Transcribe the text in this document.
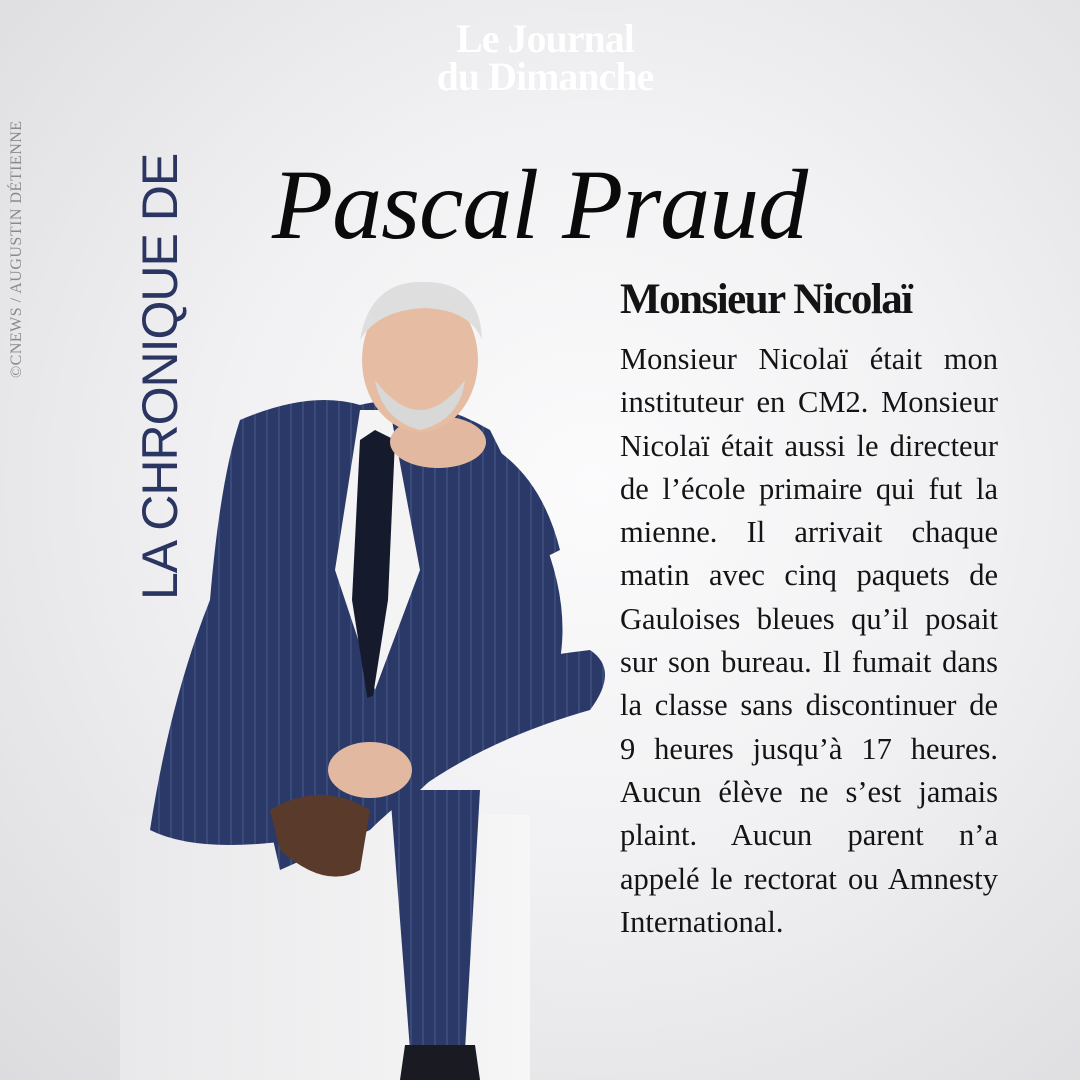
©CNEWS / AUGUSTIN DÉTIENNE
Le Journal
du Dimanche
LA CHRONIQUE DE Pascal Praud
Monsieur Nicolaï
Monsieur Nicolaï était mon instituteur en CM2. Monsieur Nicolaï était aussi le directeur de l’école primaire qui fut la mienne. Il arrivait chaque matin avec cinq paquets de Gauloises bleues qu’il posait sur son bureau. Il fumait dans la classe sans discontinuer de 9 heures jusqu’à 17 heures. Aucun élève ne s’est jamais plaint. Aucun parent n’a appelé le rectorat ou Amnesty International.
